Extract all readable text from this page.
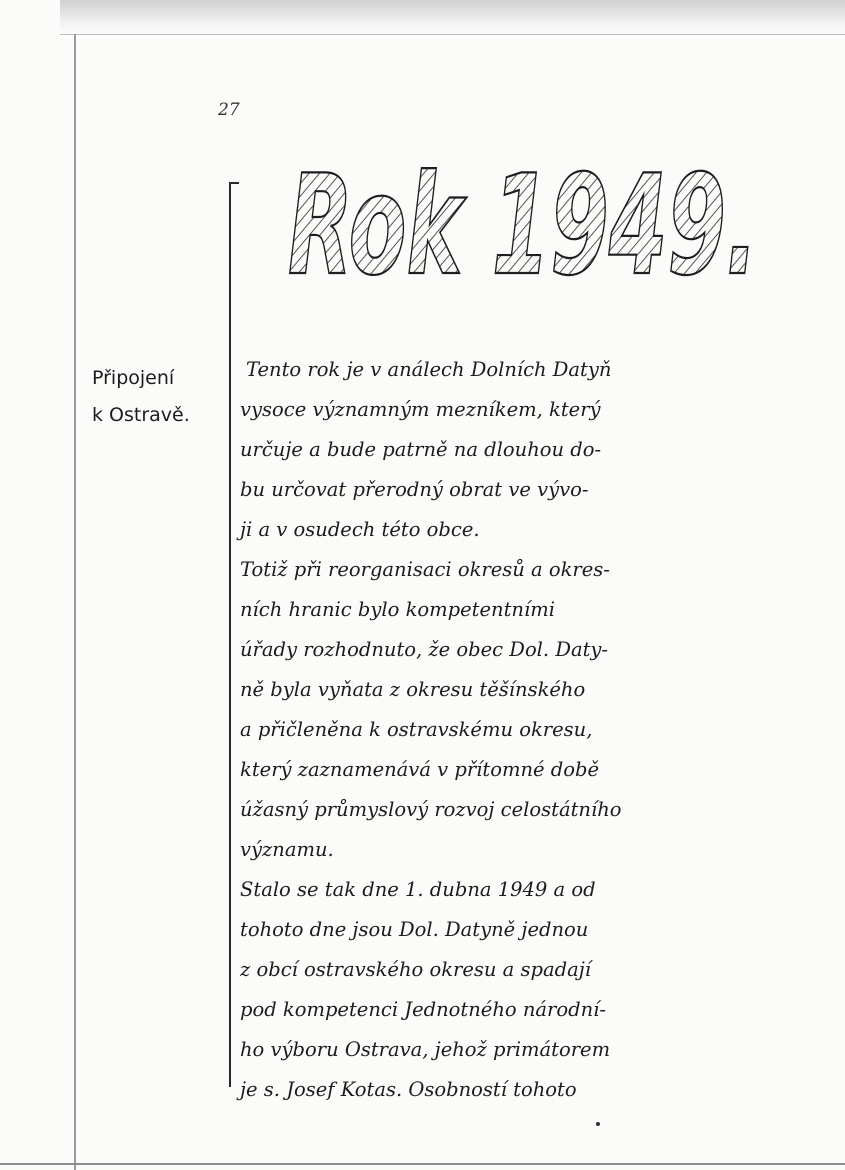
27
Rok 1949.
Připojení
k Ostravě.
Tento rok je v análech Dolních Datyň
vysoce významným mezníkem, který
určuje a bude patrně na dlouhou do-
bu určovat přerodný obrat ve vývo-
ji a v osudech této obce.
Totiž při reorganisaci okresů a okres-
ních hranic bylo kompetentními
úřady rozhodnuto, že obec Dol. Daty-
ně byla vyňata z okresu těšínského
a přičleněna k ostravskému okresu,
který zaznamenává v přítomné době
úžasný průmyslový rozvoj celostátního
významu.
Stalo se tak dne 1. dubna 1949 a od
tohoto dne jsou Dol. Datyně jednou
z obcí ostravského okresu a spadají
pod kompetenci Jednotného národní-
ho výboru Ostrava, jehož primátorem
je s. Josef Kotas. Osobností tohoto
